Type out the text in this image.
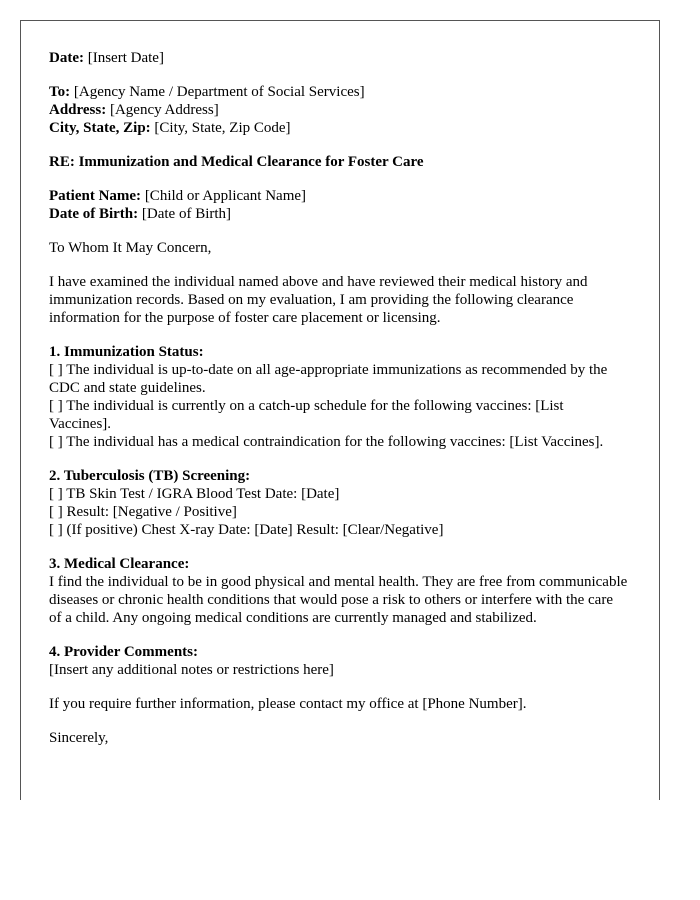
Date: [Insert Date]
To: [Agency Name / Department of Social Services]
Address: [Agency Address]
City, State, Zip: [City, State, Zip Code]
RE: Immunization and Medical Clearance for Foster Care
Patient Name: [Child or Applicant Name]
Date of Birth: [Date of Birth]
To Whom It May Concern,
I have examined the individual named above and have reviewed their medical history and immunization records. Based on my evaluation, I am providing the following clearance information for the purpose of foster care placement or licensing.
1. Immunization Status:
[ ] The individual is up-to-date on all age-appropriate immunizations as recommended by the CDC and state guidelines.
[ ] The individual is currently on a catch-up schedule for the following vaccines: [List Vaccines].
[ ] The individual has a medical contraindication for the following vaccines: [List Vaccines].
2. Tuberculosis (TB) Screening:
[ ] TB Skin Test / IGRA Blood Test Date: [Date]
[ ] Result: [Negative / Positive]
[ ] (If positive) Chest X-ray Date: [Date] Result: [Clear/Negative]
3. Medical Clearance:
I find the individual to be in good physical and mental health. They are free from communicable diseases or chronic health conditions that would pose a risk to others or interfere with the care of a child. Any ongoing medical conditions are currently managed and stabilized.
4. Provider Comments:
[Insert any additional notes or restrictions here]
If you require further information, please contact my office at [Phone Number].
Sincerely,
